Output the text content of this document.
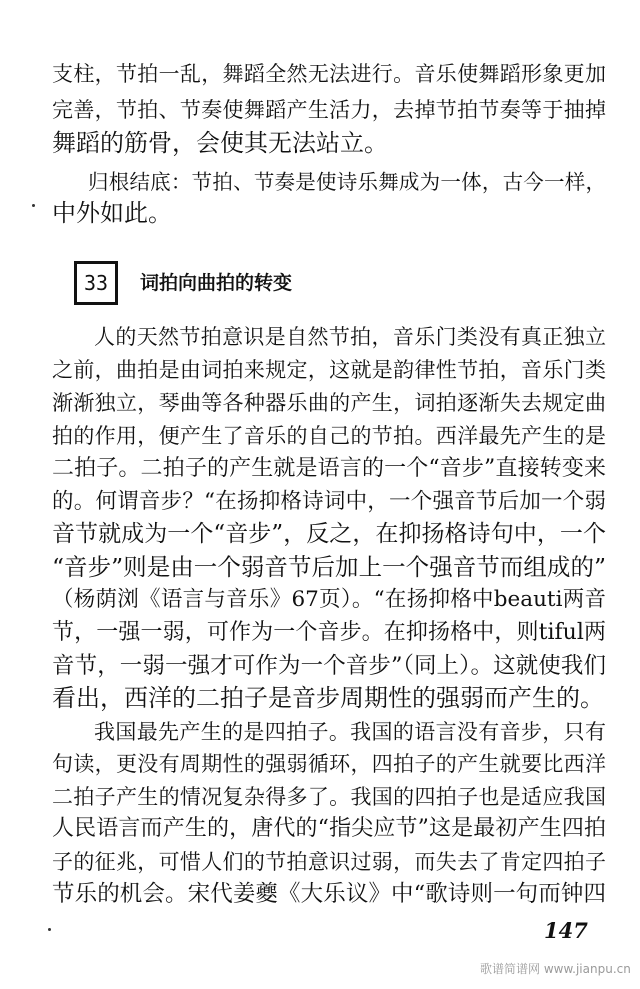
支柱，节拍一乱，舞蹈全然无法进行。音乐使舞蹈形象更加
完善，节拍、节奏使舞蹈产生活力，去掉节拍节奏等于抽掉
舞蹈的筋骨，会使其无法站立。
归根结底：节拍、节奏是使诗乐舞成为一体，古今一样，
中外如此。
33	词拍向曲拍的转变
人的天然节拍意识是自然节拍，音乐门类没有真正独立
之前，曲拍是由词拍来规定，这就是韵律性节拍，音乐门类
渐渐独立，琴曲等各种器乐曲的产生，词拍逐渐失去规定曲
拍的作用，便产生了音乐的自己的节拍。西洋最先产生的是
二拍子。二拍子的产生就是语言的一个“音步”直接转变来
的。何谓音步？“在扬抑格诗词中，一个强音节后加一个弱
音节就成为一个“音步”，反之，在抑扬格诗句中，一个
“音步”则是由一个弱音节后加上一个强音节而组成的”
（杨荫浏《语言与音乐》67页）。“在扬抑格中beauti两音
节，一强一弱，可作为一个音步。在抑扬格中，则tiful两
音节，一弱一强才可作为一个音步”（同上）。这就使我们
看出，西洋的二拍子是音步周期性的强弱而产生的。
我国最先产生的是四拍子。我国的语言没有音步，只有
句读，更没有周期性的强弱循环，四拍子的产生就要比西洋
二拍子产生的情况复杂得多了。我国的四拍子也是适应我国
人民语言而产生的，唐代的“指尖应节”这是最初产生四拍
子的征兆，可惜人们的节拍意识过弱，而失去了肯定四拍子
节乐的机会。宋代姜夔《大乐议》中“歌诗则一句而钟四
147
歌谱简谱网 www.jianpu.cn
